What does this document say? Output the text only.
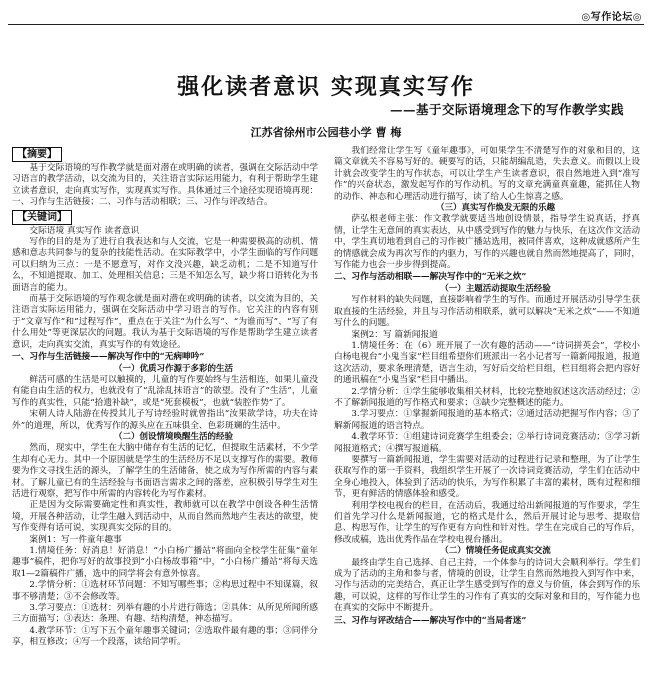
◎写作论坛◎
强化读者意识 实现真实写作
——基于交际语境理念下的写作教学实践
江苏省徐州市公园巷小学 曹 梅
【摘要】

基于交际语境的写作教学就是面对潜在或明确的读者，强调在交际活动中学习语言的教学活动，以交流为目的，关注语言实际运用能力，有利于帮助学生建立读者意识，走向真实写作，实现真实写作。具体通过三个途径实现语境再现：一、习作与生活链接；二、习作与活动相联；三、习作与评改结合。

【关键词】

交际语境 真实写作 读者意识

写作的目的是为了进行自我表达和与人交流，它是一种需要极高的动机、情感和意志共同参与的复杂的技能性活动。在实际教学中，小学生面临的写作问题可以归纳为三点：一是不愿意写，对作文没兴趣，缺乏动机；二是不知道写什么，不知道提取、加工、处理相关信息；三是不知怎么写，缺少将口语转化为书面语言的能力。

而基于交际语境的写作观念就是面对潜在或明确的读者，以交流为目的，关注语言实际运用能力，强调在交际活动中学习语言的写作。它关注的内容有别于“文章写作”和“过程写作”，重点在于关注“为什么写”、“为谁而写”、“写了有什么用处”等更深层次的问题。我认为基于交际语境的写作是帮助学生建立读者意识，走向真实交流，真实写作的有效途径。

一、习作与生活链接——解决写作中的“无病呻吟”

（一）优质习作源于多彩的生活

鲜活可感的生活是可以触摸的，儿童的写作要始终与生活相连，如果儿童没有能自由生活的权力，也就没有了“乱涂乱抹语言”的欲望。没有了“生活”，儿童写作的真实性，只能“拾遗补缺”，或是“死套模板”，也就“装腔作势”了。

宋朝人诗人陆游在传授其儿子写诗经验时就曾指出“汝果欲学诗，功夫在诗外”的道理，所以，优秀写作的源头应在五味俱全、色彩斑斓的生活中。

（二）创设情境唤醒生活的经验

然而，现实中，学生在大脑中储存有生活的记忆，但提取生活素材，不少学生却有心无力。其中一个原因就是学生的生活经历不足以支撑写作的需要。教师要为作文寻找生活的源头，了解学生的生活储备，使之成为写作所需的内容与素材。了解儿童已有的生活经验与书面语言需求之间的落差，应积极引导学生对生活进行观察，把写作中所需的内容转化为写作素材。

正是因为交际需要确定性和真实性，教师就可以在教学中创设各种生活情境，开展各种活动，让学生融入到活动中，从而自然而然地产生表达的欲望，使写作变得有话可说，实现真实交际的目的。

案例1：写一件童年趣事

1.情境任务：好消息！好消息！“小白杨广播站”将面向全校学生征集“童年趣事”稿件，把你写好的故事投到“小白杨故事箱”中，“小白杨广播站”将每天选取1—2篇稿件广播，选中的同学将会有意外惊喜。

2.学情分析：①选材环节问题：不知写哪些事；②构思过程中不知谋篇，叙事不够清楚；③不会修改等。

3.学习要点：①选材：列举有趣的小片进行筛选；②具体：从所见所闻所感三方面描写；③表达：条理、有趣、结构清楚，神态描写。

4.教学环节：①写下五个童年趣事关键词；②选取件最有趣的事；③同伴分享，相互修改；④写一个段落，读给同学听。

我们经常让学生写《童年趣事》，可如果学生不清楚写作的对象和目的，这篇文章就关不容易写好的。硬要写的话，只能胡编乱造，失去意义。而假以上设计就会改变学生的写作状态，可以让学生产生读者意识，很自然地进入到“准写作”的兴奋状态，激发起写作的写作动机。写的文章充满童真童趣，能抓住人物的动作、神态和心理活动进行描写，读了给人心生惊喜之感。

（三）真实写作焕发无限的乐趣

萨弘根老师主张：作文教学就要适当地创设情景，指导学生说真话，抒真情，让学生无意间的真实表达，从中感受到写作的魅力与快乐，在这次作文活动中，学生真切地看到自己的习作被广播站选用，被同伴喜欢，这种成就感所产生的情感就会成为再次写作的内驱力，写作的兴趣也就自然而然地提高了，同时，写作能力也会一步步得到提高。

二、习作与活动相联——解决写作中的“无米之炊”

（一）主题活动提取生活经验

写作材料的缺失问题，直接影响着学生的写作。而通过开展活动引导学生获取直接的生活经验，并且与习作活动相联系，就可以解决“无米之炊”——不知道写什么的问题。

案例2：写 篇新闻报道

1.情境任务：在（6）班开展了一次有趣的活动——“诗词拼英会”，学校小白杨电视台“小鬼当家”栏目组希望你们班派出一名小记者写一篇新闻报道，报道这次活动，要求条理清楚，语言生动，写好后交给栏目组，栏目组将会把内容好的通讯稿在“小鬼当家”栏目中播出。

2.学情分析：①学生能够收集相关材料，比较完整地叙述这次活动经过；②不了解新闻报道的写作格式和要求；③缺少完整概述的能力。

3.学习要点：①掌握新闻报道的基本格式；②通过活动把握写作内容；③了解新闻报道的语言特点。

4.教学环节：①组建诗词竞赛学生组委会；②举行诗词竞赛活动；③学习新闻报道格式；④撰写报道稿。

要撰写一篇新闻报道，学生需要对活动的过程进行记录和整理，为了让学生获取写作的第一手资料，我组织学生开展了一次诗词竞赛活动，学生们在活动中全身心地投入，体验到了活动的快乐，为写作积累了丰富的素材，既有过程和细节，更有鲜活的情感体验和感受。

利用学校电视台的栏目，在活动后，我通过给出新闻报道的写作要求，学生们首先学习什么是新闻报道，它的格式是什么，然后开展讨论与思考、提取信息、构思写作，让学生的写作更有方向性和针对性。学生在完成自己的写作后，修改成稿，选出优秀作品在学校电视台播出。

（二）情境任务促成真实交流

最终由学生自己选择、自己主持，一个体参与的诗词大会顺利举行。学生们成为了活动的主角和参与者，情境的创设，让学生自然而然地投入到写作中来，习作与活动的完美结合，真正让学生感受到写作的意义与价值，体会到写作的乐趣，可以说，这样的写作让学生的习作有了真实的交际对象和目的，写作能力也在真实的交际中不断提升。

三、习作与评改结合——解决写作中的“当局者迷”
